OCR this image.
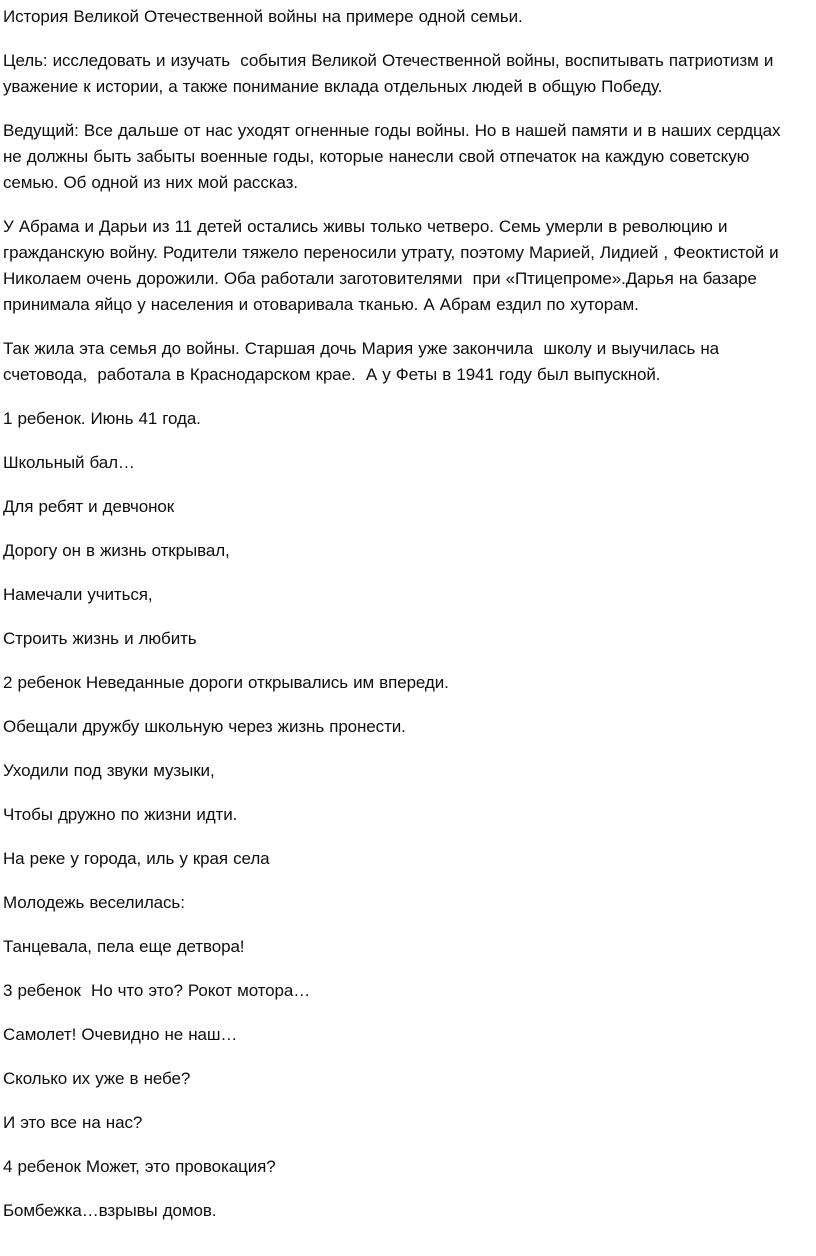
История Великой Отечественной войны на примере одной семьи.

Цель: исследовать и изучать  события Великой Отечественной войны, воспитывать патриотизм и уважение к истории, а также понимание вклада отдельных людей в общую Победу.

Ведущий: Все дальше от нас уходят огненные годы войны. Но в нашей памяти и в наших сердцах не должны быть забыты военные годы, которые нанесли свой отпечаток на каждую советскую семью. Об одной из них мой рассказ.

У Абрама и Дарьи из 11 детей остались живы только четверо. Семь умерли в революцию и гражданскую войну. Родители тяжело переносили утрату, поэтому Марией, Лидией , Феоктистой и Николаем очень дорожили. Оба работали заготовителями  при «Птицепроме».Дарья на базаре принимала яйцо у населения и отоваривала тканью. А Абрам ездил по хуторам.

Так жила эта семья до войны. Старшая дочь Мария уже закончила  школу и выучилась на счетовода,  работала в Краснодарском крае.  А у Феты в 1941 году был выпускной.

1 ребенок. Июнь 41 года.

Школьный бал…

Для ребят и девчонок

Дорогу он в жизнь открывал,

Намечали учиться,

Строить жизнь и любить

2 ребенок Неведанные дороги открывались им впереди.

Обещали дружбу школьную через жизнь пронести.

Уходили под звуки музыки,

Чтобы дружно по жизни идти.

На реке у города, иль у края села

Молодежь веселилась:

Танцевала, пела еще детвора!

3 ребенок  Но что это? Рокот мотора…

Самолет! Очевидно не наш…

Сколько их уже в небе?

И это все на нас?

4 ребенок Может, это провокация?

Бомбежка…взрывы домов.
